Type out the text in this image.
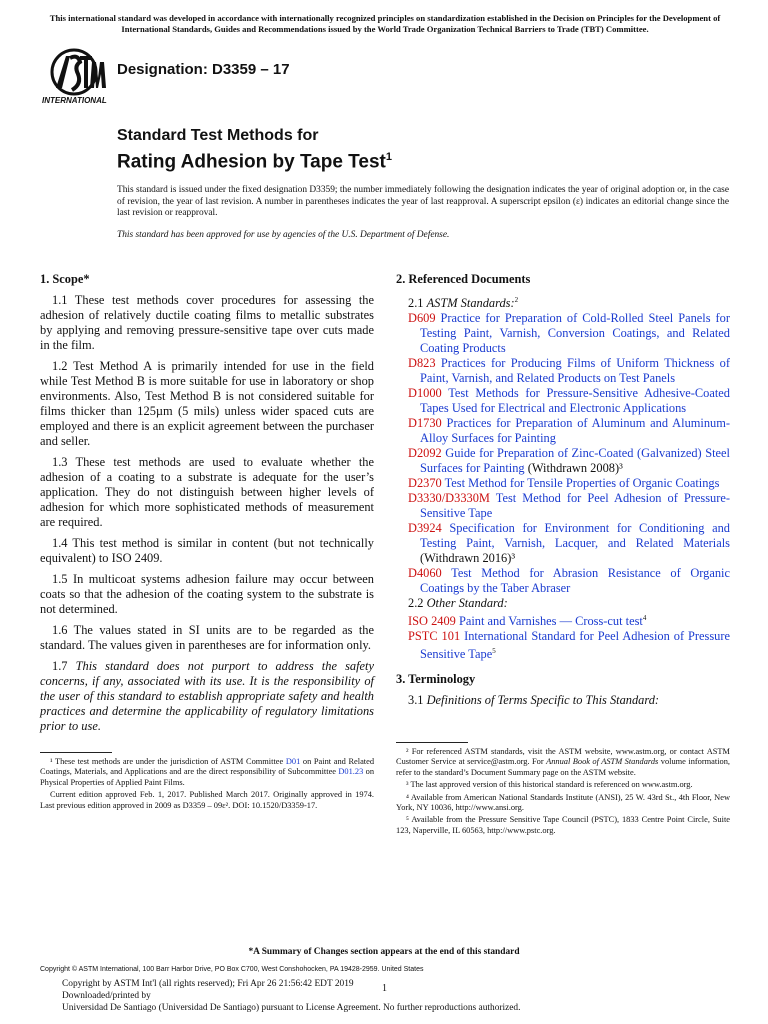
This international standard was developed in accordance with internationally recognized principles on standardization established in the Decision on Principles for the Development of International Standards, Guides and Recommendations issued by the World Trade Organization Technical Barriers to Trade (TBT) Committee.
INTERNATIONAL
Designation: D3359 – 17
Standard Test Methods for
Rating Adhesion by Tape Test$^1$
This standard is issued under the fixed designation D3359; the number immediately following the designation indicates the year of original adoption or, in the case of revision, the year of last revision. A number in parentheses indicates the year of last reapproval. A superscript epsilon (ε) indicates an editorial change since the last revision or reapproval.
This standard has been approved for use by agencies of the U.S. Department of Defense.
1. Scope*

1.1 These test methods cover procedures for assessing the adhesion of relatively ductile coating films to metallic substrates by applying and removing pressure-sensitive tape over cuts made in the film.

1.2 Test Method A is primarily intended for use in the field while Test Method B is more suitable for use in laboratory or shop environments. Also, Test Method B is not considered suitable for films thicker than 125µm (5 mils) unless wider spaced cuts are employed and there is an explicit agreement between the purchaser and seller.

1.3 These test methods are used to evaluate whether the adhesion of a coating to a substrate is adequate for the user’s application. They do not distinguish between higher levels of adhesion for which more sophisticated methods of measurement are required.

1.4 This test method is similar in content (but not technically equivalent) to ISO 2409.

1.5 In multicoat systems adhesion failure may occur between coats so that the adhesion of the coating system to the substrate is not determined.

1.6 The values stated in SI units are to be regarded as the standard. The values given in parentheses are for information only.

1.7 This standard does not purport to address the safety concerns, if any, associated with its use. It is the responsibility of the user of this standard to establish appropriate safety and health practices and determine the applicability of regulatory limitations prior to use.

¹ These test methods are under the jurisdiction of ASTM Committee D01 on Paint and Related Coatings, Materials, and Applications and are the direct responsibility of Subcommittee D01.23 on Physical Properties of Applied Paint Films.

Current edition approved Feb. 1, 2017. Published March 2017. Originally approved in 1974. Last previous edition approved in 2009 as D3359 – 09ε². DOI: 10.1520/D3359-17.

2. Referenced Documents

2.1 ASTM Standards:$^2$

D609 Practice for Preparation of Cold-Rolled Steel Panels for Testing Paint, Varnish, Conversion Coatings, and Related Coating Products

D823 Practices for Producing Films of Uniform Thickness of Paint, Varnish, and Related Products on Test Panels

D1000 Test Methods for Pressure-Sensitive Adhesive-Coated Tapes Used for Electrical and Electronic Applications

D1730 Practices for Preparation of Aluminum and Aluminum-Alloy Surfaces for Painting

D2092 Guide for Preparation of Zinc-Coated (Galvanized) Steel Surfaces for Painting (Withdrawn 2008)³

D2370 Test Method for Tensile Properties of Organic Coatings

D3330/D3330M Test Method for Peel Adhesion of Pressure-Sensitive Tape

D3924 Specification for Environment for Conditioning and Testing Paint, Varnish, Lacquer, and Related Materials (Withdrawn 2016)³

D4060 Test Method for Abrasion Resistance of Organic Coatings by the Taber Abraser

2.2 Other Standard:

ISO 2409 Paint and Varnishes — Cross-cut test$^4$

PSTC 101 International Standard for Peel Adhesion of Pressure Sensitive Tape$^5$

3. Terminology

3.1 Definitions of Terms Specific to This Standard:

² For referenced ASTM standards, visit the ASTM website, www.astm.org, or contact ASTM Customer Service at service@astm.org. For Annual Book of ASTM Standards volume information, refer to the standard’s Document Summary page on the ASTM website.

³ The last approved version of this historical standard is referenced on www.astm.org.

⁴ Available from American National Standards Institute (ANSI), 25 W. 43rd St., 4th Floor, New York, NY 10036, http://www.ansi.org.

⁵ Available from the Pressure Sensitive Tape Council (PSTC), 1833 Centre Point Circle, Suite 123, Naperville, IL 60563, http://www.pstc.org.

*A Summary of Changes section appears at the end of this standard
Copyright © ASTM International, 100 Barr Harbor Drive, PO Box C700, West Conshohocken, PA 19428-2959. United States
Copyright by ASTM Int'l (all rights reserved); Fri Apr 26 21:56:42 EDT 2019
Downloaded/printed by
Universidad De Santiago (Universidad De Santiago) pursuant to License Agreement. No further reproductions authorized.
1
